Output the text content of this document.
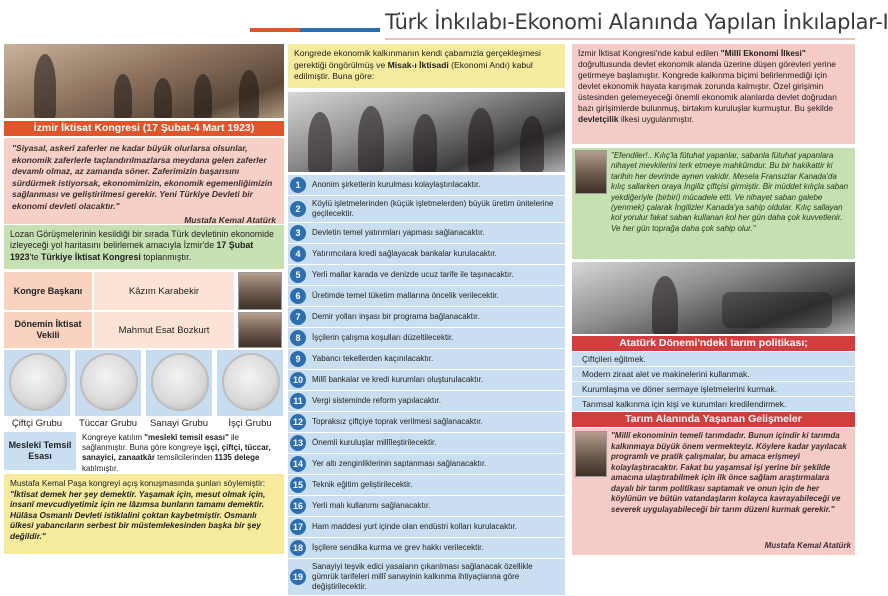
Türk İnkılabı-Ekonomi Alanında Yapılan İnkılaplar-I
İzmir İktisat Kongresi (17 Şubat-4 Mart 1923)
"Siyasal, askerî zaferler ne kadar büyük olurlarsa olsunlar, ekonomik zaferlerle taçlandırılmazlarsa meydana gelen zaferler devamlı olmaz, az zamanda söner. Zaferimizin başarısını sürdürmek istiyorsak, ekonomimizin, ekonomik egemenliğimizin sağlanması ve geliştirilmesi gerekir. Yeni Türkiye Devleti bir ekonomi devleti olacaktır."
Mustafa Kemal Atatürk
Lozan Görüşmelerinin kesildiği bir sırada Türk devletinin ekonomide izleyeceği yol haritasını belirlemek amacıyla İzmir'de 17 Şubat 1923'te Türkiye İktisat Kongresi toplanmıştır.
Kongre Başkanı	Kâzım Karabekir
Dönemin İktisat Vekili	Mahmut Esat Bozkurt
Çiftçi Grubu	Tüccar Grubu	Sanayi Grubu	İşçi Grubu
Meslekî Temsil Esası
Kongreye katılım "meslekî temsil esası" ile sağlanmıştır. Buna göre kongreye işçi, çiftçi, tüccar, sanayici, zanaatkâr temsilcilerinden 1135 delege katılmıştır.
Mustafa Kemal Paşa kongreyi açış konuşmasında şunları söylemiştir: "İktisat demek her şey demektir. Yaşamak için, mesut olmak için, insanî mevcudiyetimiz için ne lâzımsa bunların tamamı demektir. Hülâsa Osmanlı Devleti istiklalini çoktan kaybetmiştir. Osmanlı ülkesi yabancıların serbest bir müstemlekesinden başka bir şey değildir."
Kongrede ekonomik kalkınmanın kendi çabamızla gerçekleşmesi gerektiği öngörülmüş ve Misak-ı İktisadi (Ekonomi Andı) kabul edilmiştir. Buna göre:
1	Anonim şirketlerin kurulması kolaylaştırılacaktır.
2
Köylü işletmelerinden (küçük işletmelerden) büyük üretim ünitelerine geçilecektir.
3	Devletin temel yatırımları yapması sağlanacaktır.
4	Yatırımcılara kredi sağlayacak bankalar kurulacaktır.
5	Yerli mallar karada ve denizde ucuz tarife ile taşınacaktır.
6	Üretimde temel tüketim mallarına öncelik verilecektir.
7	Demir yolları inşası bir programa bağlanacaktır.
8	İşçilerin çalışma koşulları düzeltilecektir.
9	Yabancı tekellerden kaçınılacaktır.
10	Millî bankalar ve kredi kurumları oluşturulacaktır.
11	Vergi sisteminde reform yapılacaktır.
12	Topraksız çiftçiye toprak verilmesi sağlanacaktır.
13	Önemli kuruluşlar millîleştirilecektir.
14	Yer altı zenginliklerinin saptanması sağlanacaktır.
15	Teknik eğitim geliştirilecektir.
16	Yerli malı kullanımı sağlanacaktır.
17	Ham maddesi yurt içinde olan endüstri kolları kurulacaktır.
18	İşçilere sendika kurma ve grev hakkı verilecektir.
19
Sanayiyi teşvik edici yasaların çıkarılması sağlanacak özellikle gümrük tarifeleri millî sanayinin kalkınma ihtiyaçlarına göre değiştirilecektir.
İzmir İktisat Kongresi'nde kabul edilen "Millî Ekonomi İlkesi" doğrultusunda devlet ekonomik alanda üzerine düşen görevleri yerine getirmeye başlamıştır. Kongrede kalkınma biçimi belirlenmediği için devlet ekonomik hayata karışmak zorunda kalmıştır. Özel girişimin üstesinden gelemeyeceği önemli ekonomik alanlarda devlet doğrudan bazı girişimlerde bulunmuş, birtakım kuruluşlar kurmuştur. Bu şekilde devletçilik ilkesi uygulanmıştır.
"Efendiler!.. Kılıç'la fütuhat yapanlar, sabanla fütuhat yapanlara nihayet mevkilerini terk etmeye mahkûmdur. Bu bir hakikattir ki tarihin her devrinde aynen vakidir. Mesela Fransızlar Kanada'da kılıç sallarken oraya İngiliz çiftçisi girmiştir. Bir müddet kılıçla saban yekdiğeriyle (birbiri) mücadele etti. Ve nihayet saban galebe (yenmek) çalarak İngilizler Kanada'ya sahip oldular. Kılıç sallayan kol yorulur fakat saban kullanan kol her gün daha çok kuvvetlenir. Ve her gün toprağa daha çok sahip olur."
Atatürk Dönemi'ndeki tarım politikası;
Çiftçileri eğitmek.
Modern ziraat alet ve makinelerini kullanmak.
Kurumlaşma ve döner sermaye işletmelerini kurmak.
Tarımsal kalkınma için kişi ve kurumları kredilendirmek.
Tarım Alanında Yaşanan Gelişmeler
"Millî ekonominin temeli tarımdadır. Bunun içindir ki tarımda kalkınmaya büyük önem vermekteyiz. Köylere kadar yayılacak programlı ve pratik çalışmalar, bu amaca erişmeyi kolaylaştıracaktır. Fakat bu yaşamsal işi yerine bir şekilde amacına ulaştırabilmek için ilk önce sağlam araştırmalara dayalı bir tarım politikası saptamak ve onun için de her köylünün ve bütün vatandaşların kolayca kavrayabileceği ve severek uygulayabileceği bir tarım düzeni kurmak gerekir."
Mustafa Kemal Atatürk
